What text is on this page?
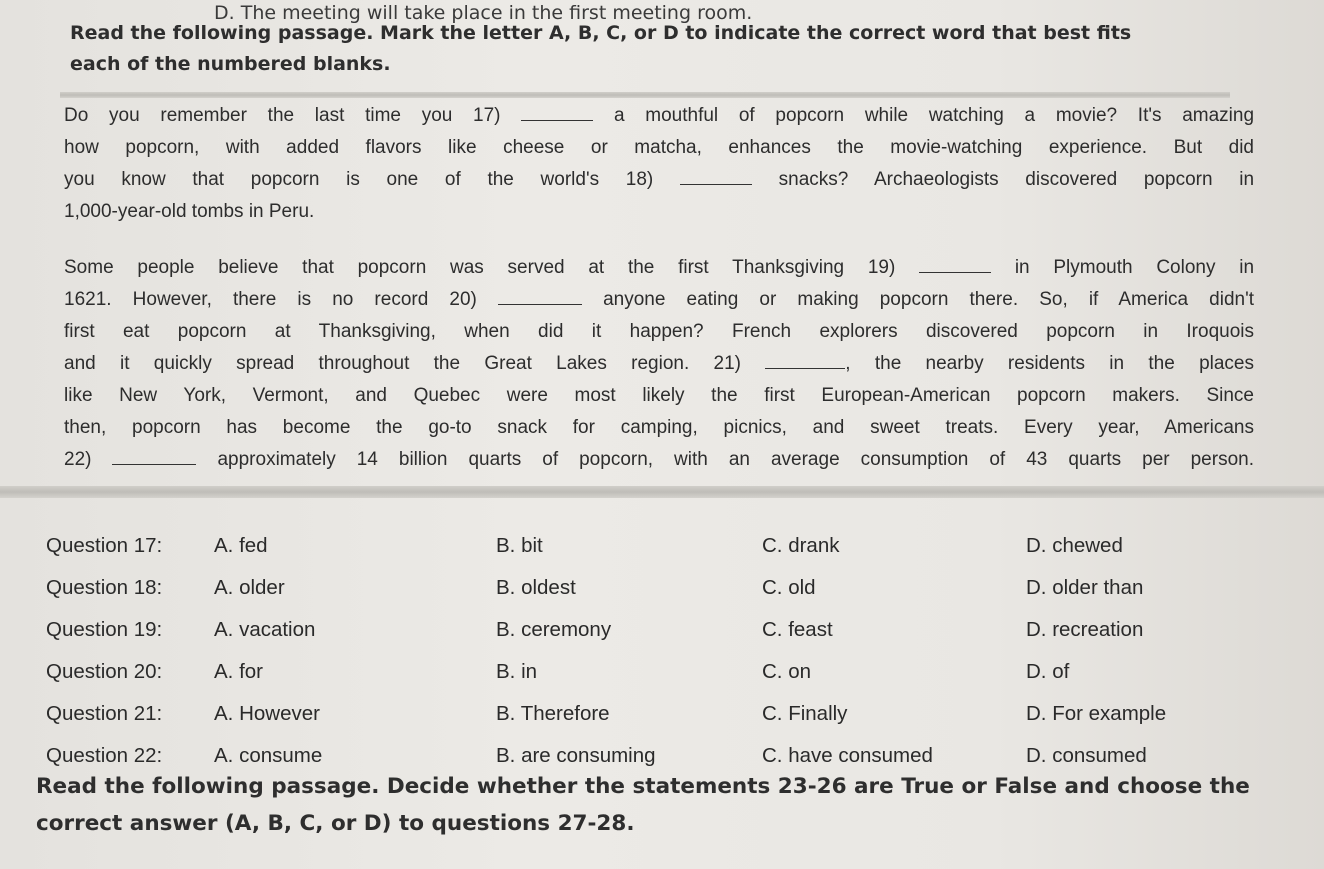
D. The meeting will take place in the first meeting room.
Read the following passage. Mark the letter A, B, C, or D to indicate the correct word that best fits each of the numbered blanks.
Do you remember the last time you 17)	a mouthful of popcorn while watching a movie? It's amazing
how popcorn, with added flavors like cheese or matcha, enhances the movie-watching experience. But did
you know that popcorn is one of the world's 18)	snacks? Archaeologists discovered popcorn in
1,000-year-old tombs in Peru.
Some people believe that popcorn was served at the first Thanksgiving 19)	in Plymouth Colony in
1621. However, there is no record 20)	anyone eating or making popcorn there. So, if America didn't
first eat popcorn at Thanksgiving, when did it happen? French explorers discovered popcorn in Iroquois
and it quickly spread throughout the Great Lakes region. 21)	, the nearby residents in the places
like New York, Vermont, and Quebec were most likely the first European-American popcorn makers. Since
then, popcorn has become the go-to snack for camping, picnics, and sweet treats. Every year, Americans
22)	approximately 14 billion quarts of popcorn, with an average consumption of 43 quarts per person.
Question 17:	A. fed	B. bit	C. drank	D. chewed
Question 18:	A. older	B. oldest	C. old	D. older than
Question 19:	A. vacation	B. ceremony	C. feast	D. recreation
Question 20:	A. for	B. in	C. on	D. of
Question 21:	A. However	B. Therefore	C. Finally	D. For example
Question 22:	A. consume	B. are consuming	C. have consumed	D. consumed
Read the following passage. Decide whether the statements 23-26 are True or False and choose the correct answer (A, B, C, or D) to questions 27-28.
